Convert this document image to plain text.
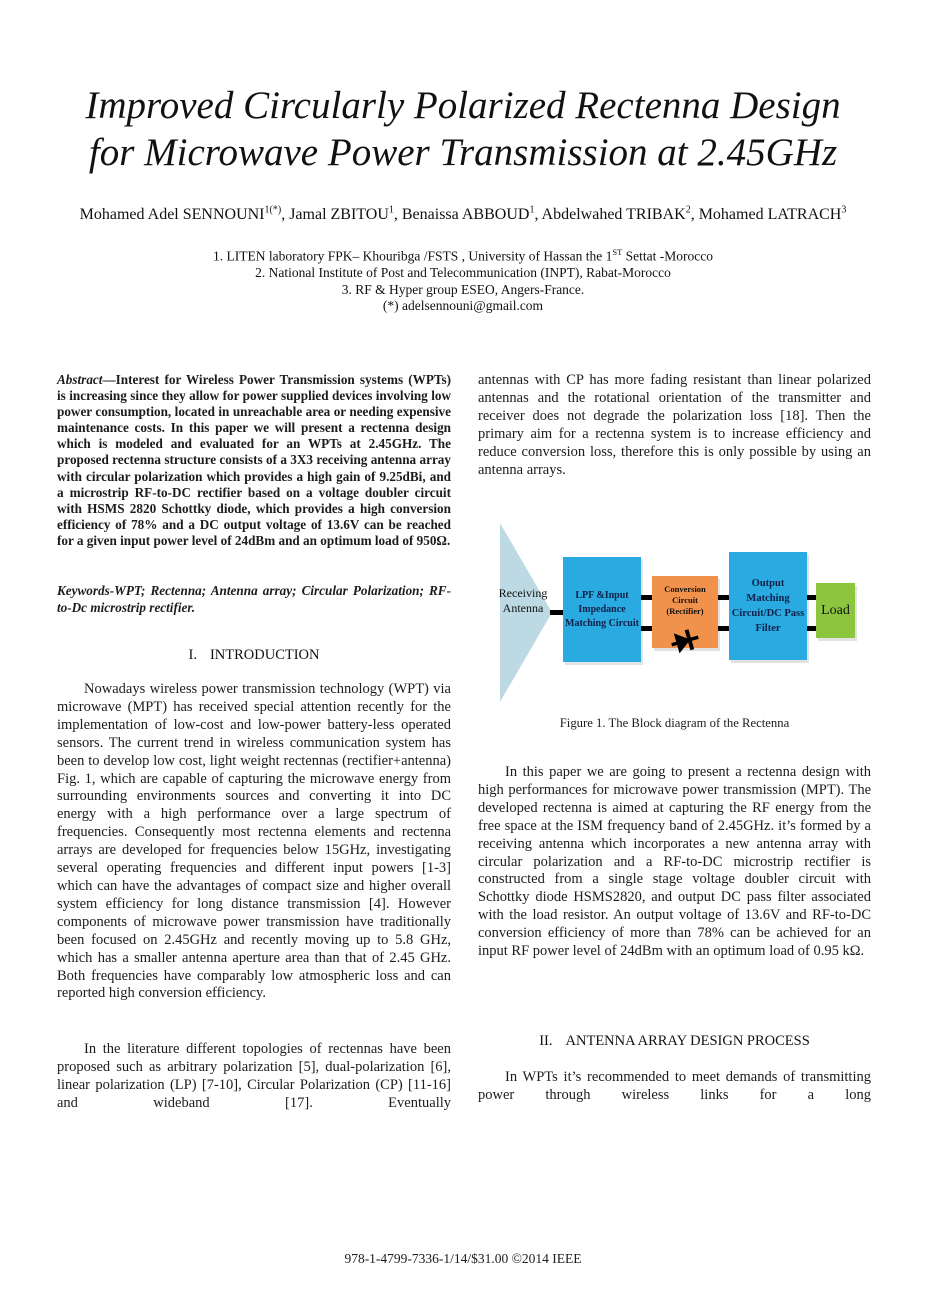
Improved Circularly Polarized Rectenna Design
for Microwave Power Transmission at 2.45GHz
Mohamed Adel $SENNOUNI^{1(*)}$, Jamal ZBITOU$^1$, Benaissa ABBOUD$^1$, Abdelwahed TRIBAK$^2$, Mohamed LATRACH$^3$
1. LITEN laboratory FPK– Khouribga /FSTS , University of Hassan the 1ST Settat -Morocco
2. National Institute of Post and Telecommunication (INPT), Rabat-Morocco
3. RF & Hyper group ESEO, Angers-France.
(*) adelsennouni@gmail.com

Abstract—Interest for Wireless Power Transmission systems (WPTs) is increasing since they allow for power supplied devices involving low power consumption, located in unreachable area or needing expensive maintenance costs. In this paper we will present a rectenna design which is modeled and evaluated for an WPTs at 2.45GHz. The proposed rectenna structure consists of a 3X3 receiving antenna array with circular polarization which provides a high gain of 9.25dBi, and a microstrip RF-to-DC rectifier based on a voltage doubler circuit with HSMS 2820 Schottky diode, which provides a high conversion efficiency of 78% and a DC output voltage of 13.6V can be reached for a given input power level of 24dBm and an optimum load of 950Ω.

Keywords-WPT; Rectenna; Antenna array; Circular Polarization; RF-to-Dc microstrip rectifier.

I. INTRODUCTION

Nowadays wireless power transmission technology (WPT) via microwave (MPT) has received special attention recently for the implementation of low-cost and low-power battery-less operated sensors. The current trend in wireless communication system has been to develop low cost, light weight rectennas (rectifier+antenna) Fig. 1, which are capable of capturing the microwave energy from surrounding environments sources and converting it into DC energy with a high performance over a large spectrum of frequencies. Consequently most rectenna elements and rectenna arrays are developed for frequencies below 15GHz, investigating several operating frequencies and different input powers [1-3] which can have the advantages of compact size and higher overall system efficiency for long distance transmission [4]. However components of microwave power transmission have traditionally been focused on 2.45GHz and recently moving up to 5.8 GHz, which has a smaller antenna aperture area than that of 2.45 GHz. Both frequencies have comparably low atmospheric loss and can reported high conversion efficiency.

In the literature different topologies of rectennas have been proposed such as arbitrary polarization [5], dual-polarization [6], linear polarization (LP) [7-10], Circular Polarization (CP) [11-16] and wideband [17]. Eventually

antennas with CP has more fading resistant than linear polarized antennas and the rotational orientation of the transmitter and receiver does not degrade the polarization loss [18]. Then the primary aim for a rectenna system is to increase efficiency and reduce conversion loss, therefore this is only possible by using an antenna arrays.

Receiving Antenna
LPF &Input
Impedance
Matching Circuit
Conversion Circuit
(Rectifier)
Output Matching
Circuit/DC Pass
Filter
Load

Figure 1. The Block diagram of the Rectenna

In this paper we are going to present a rectenna design with high performances for microwave power transmission (MPT). The developed rectenna is aimed at capturing the RF energy from the free space at the ISM frequency band of 2.45GHz. it’s formed by a receiving antenna which incorporates a new antenna array with circular polarization and a RF-to-DC microstrip rectifier is constructed from a single stage voltage doubler circuit with Schottky diode HSMS2820, and output DC pass filter associated with the load resistor. An output voltage of 13.6V and RF-to-DC conversion efficiency of more than 78% can be achieved for an input RF power level of 24dBm with an optimum load of 0.95 kΩ.

II. ANTENNA ARRAY DESIGN PROCESS

In WPTs it’s recommended to meet demands of transmitting power through wireless links for a long

978-1-4799-7336-1/14/$31.00 ©2014 IEEE
